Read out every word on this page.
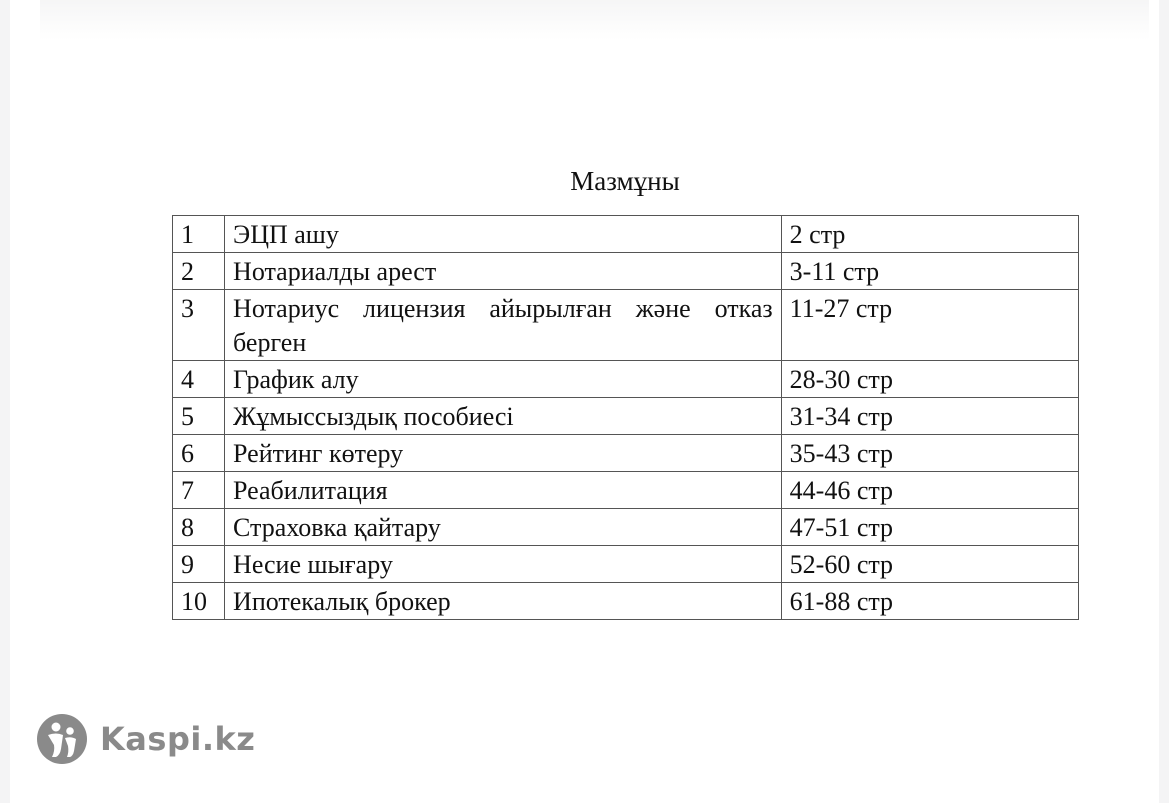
Мазмұны
1	ЭЦП ашу	2 стр
2	Нотариалды арест	3-11 стр
3	Нотариус лицензия айырылған және отказ берген	11-27 стр
4	График алу	28-30 стр
5	Жұмыссыздық пособиесі	31-34 стр
6	Рейтинг көтеру	35-43 стр
7	Реабилитация	44-46 стр
8	Страховка қайтару	47-51 стр
9	Несие шығару	52-60 стр
10	Ипотекалық брокер	61-88 стр
Kaspi.kz
